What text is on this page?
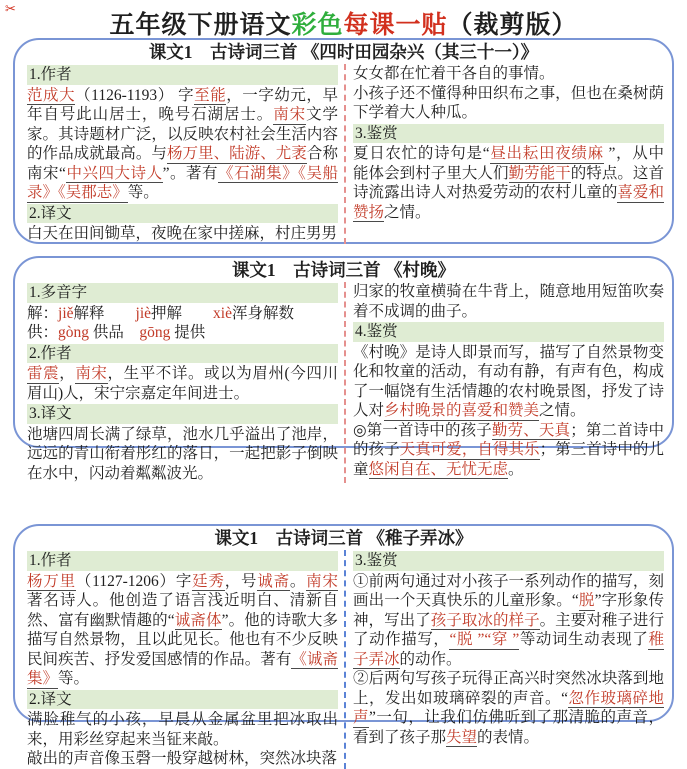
✂
五年级下册语文彩色每课一贴（裁剪版）
课文1　古诗词三首 《四时田园杂兴（其三十一）》
1.作者

范成大（1126-1193） 字至能，一字幼元，早年自号此山居士，晚号石湖居士。南宋文学家。其诗题材广泛，以反映农村社会生活内容的作品成就最高。与杨万里、陆游、尤袤合称南宋“中兴四大诗人”。著有《石湖集》《吴船录》《吴郡志》等。

2.译文

白天在田间锄草，夜晚在家中搓麻，村庄男男

女女都在忙着干各自的事情。

小孩子还不懂得种田织布之事，但也在桑树荫下学着大人种瓜。

3.鉴赏

夏日农忙的诗句是“昼出耘田夜绩麻 ”，从中能体会到村子里大人们勤劳能干的特点。这首诗流露出诗人对热爱劳动的农村儿童的喜爱和赞扬之情。

课文1　古诗词三首 《村晚》
1.多音字

解：jiě解释　　jiè押解　　xiè浑身解数

供：gòng 供品　gōng 提供

2.作者

雷震，南宋，生平不详。或以为眉州(今四川眉山)人，宋宁宗嘉定年间进士。

3.译文

池塘四周长满了绿草，池水几乎溢出了池岸，远远的青山衔着彤红的落日，一起把影子倒映在水中，闪动着粼粼波光。

归家的牧童横骑在牛背上，随意地用短笛吹奏着不成调的曲子。

4.鉴赏

《村晚》是诗人即景而写，描写了自然景物变化和牧童的活动，有动有静，有声有色，构成了一幅饶有生活情趣的农村晚景图，抒发了诗人对乡村晚景的喜爱和赞美之情。

◎第一首诗中的孩子勤劳、天真；第二首诗中的孩子天真可爱，自得其乐；第三首诗中的儿童悠闲自在、无忧无虑。

课文1　古诗词三首 《稚子弄冰》
1.作者

杨万里（1127-1206）字廷秀，号诚斋。南宋著名诗人。他创造了语言浅近明白、清新自然、富有幽默情趣的“诚斋体”。他的诗歌大多描写自然景物，且以此见长。他也有不少反映民间疾苦、抒发爱国感情的作品。著有《诚斋集》等。

2.译文

满脸稚气的小孩，早晨从金属盆里把冰取出来，用彩丝穿起来当钲来敲。

敲出的声音像玉磬一般穿越树林，突然冰块落

3.鉴赏

①前两句通过对小孩子一系列动作的描写，刻画出一个天真快乐的儿童形象。“脱”字形象传神，写出了孩子取冰的样子。主要对稚子进行了动作描写，“脱 ”“穿 ”等动词生动表现了稚子弄冰的动作。

②后两句写孩子玩得正高兴时突然冰块落到地上，发出如玻璃碎裂的声音。“忽作玻璃碎地声”一句，让我们仿佛听到了那清脆的声音，看到了孩子那失望的表情。
